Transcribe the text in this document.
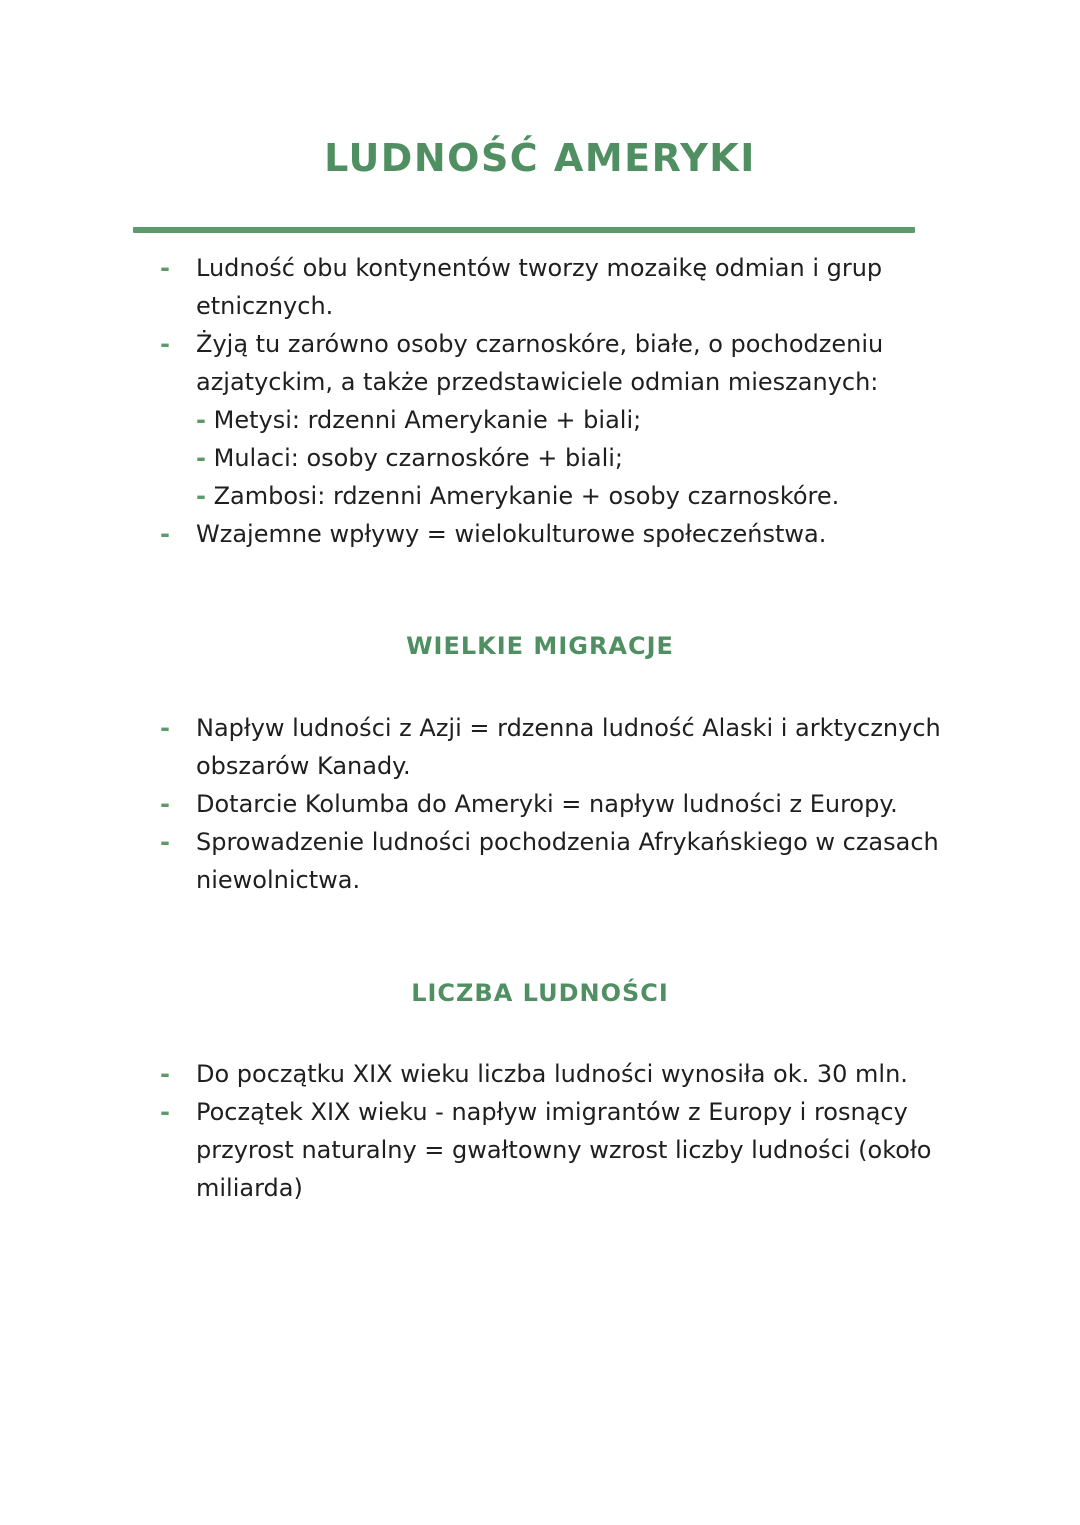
LUDNOŚĆ AMERYKI
- Ludność obu kontynentów tworzy mozaikę odmian i grup etnicznych.
- Żyją tu zarówno osoby czarnoskóre, białe, o pochodzeniu azjatyckim, a także przedstawiciele odmian mieszanych:
- Metysi: rdzenni Amerykanie + biali;
- Mulaci: osoby czarnoskóre + biali;
- Zambosi: rdzenni Amerykanie + osoby czarnoskóre.
- Wzajemne wpływy = wielokulturowe społeczeństwa.
WIELKIE MIGRACJE
- Napływ ludności z Azji = rdzenna ludność Alaski i arktycznych obszarów Kanady.
- Dotarcie Kolumba do Ameryki = napływ ludności z Europy.
- Sprowadzenie ludności pochodzenia Afrykańskiego w czasach niewolnictwa.
LICZBA LUDNOŚCI
- Do początku XIX wieku liczba ludności wynosiła ok. 30 mln.
- Początek XIX wieku - napływ imigrantów z Europy i rosnący przyrost naturalny = gwałtowny wzrost liczby ludności (około miliarda)
